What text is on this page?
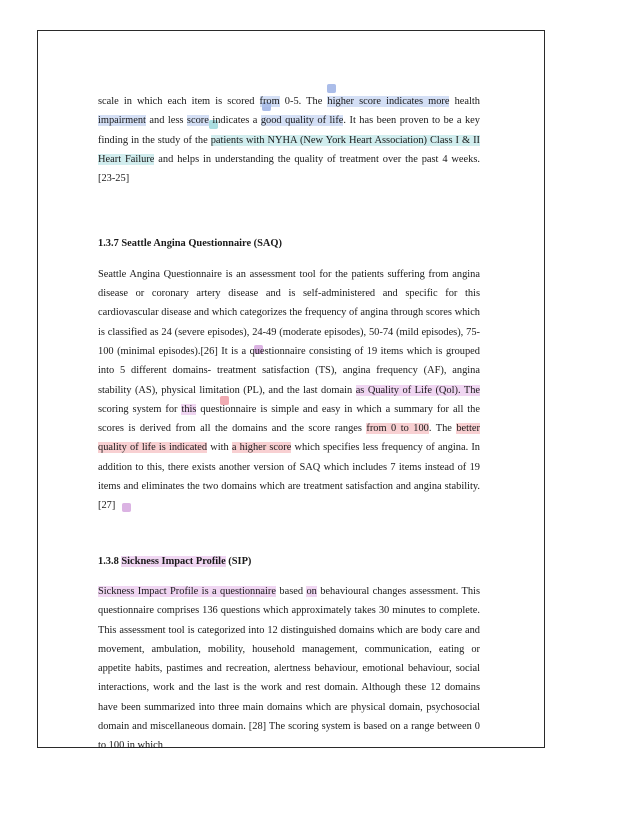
scale in which each item is scored from 0-5. The higher score indicates more health impairment and less score indicates a good quality of life. It has been proven to be a key finding in the study of the patients with NYHA (New York Heart Association) Class I & II Heart Failure and helps in understanding the quality of treatment over the past 4 weeks. [23-25]

1.3.7 Seattle Angina Questionnaire (SAQ)

Seattle Angina Questionnaire is an assessment tool for the patients suffering from angina disease or coronary artery disease and is self-administered and specific for this cardiovascular disease and which categorizes the frequency of angina through scores which is classified as 24 (severe episodes), 24-49 (moderate episodes), 50-74 (mild episodes), 75-100 (minimal episodes).[26] It is a questionnaire consisting of 19 items which is grouped into 5 different domains- treatment satisfaction (TS), angina frequency (AF), angina stability (AS), physical limitation (PL), and the last domain as Quality of Life (Qol). The scoring system for this questionnaire is simple and easy in which a summary for all the scores is derived from all the domains and the score ranges from 0 to 100. The better quality of life is indicated with a higher score which specifies less frequency of angina. In addition to this, there exists another version of SAQ which includes 7 items instead of 19 items and eliminates the two domains which are treatment satisfaction and angina stability. [27]

1.3.8 Sickness Impact Profile (SIP)

Sickness Impact Profile is a questionnaire based on behavioural changes assessment. This questionnaire comprises 136 questions which approximately takes 30 minutes to complete. This assessment tool is categorized into 12 distinguished domains which are body care and movement, ambulation, mobility, household management, communication, eating or appetite habits, pastimes and recreation, alertness behaviour, emotional behaviour, social interactions, work and the last is the work and rest domain. Although these 12 domains have been summarized into three main domains which are physical domain, psychosocial domain and miscellaneous domain. [28] The scoring system is based on a range between 0 to 100 in which
